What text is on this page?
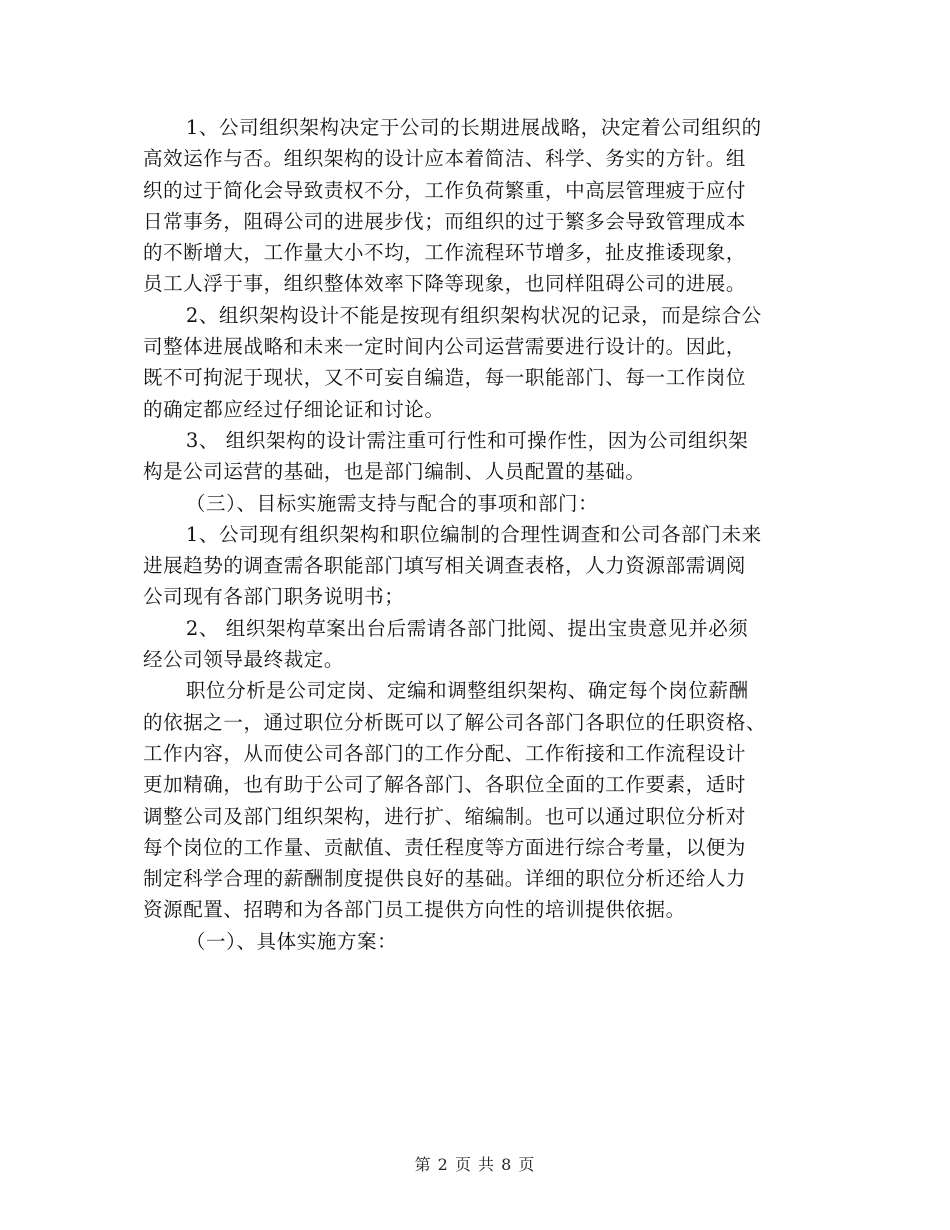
1、公司组织架构决定于公司的长期进展战略，决定着公司组织的
高效运作与否。组织架构的设计应本着简洁、科学、务实的方针。组
织的过于简化会导致责权不分，工作负荷繁重，中高层管理疲于应付
日常事务，阻碍公司的进展步伐；而组织的过于繁多会导致管理成本
的不断增大，工作量大小不均，工作流程环节增多，扯皮推诿现象，
员工人浮于事，组织整体效率下降等现象，也同样阻碍公司的进展。

2、组织架构设计不能是按现有组织架构状况的记录，而是综合公
司整体进展战略和未来一定时间内公司运营需要进行设计的。因此，
既不可拘泥于现状，又不可妄自编造，每一职能部门、每一工作岗位
的确定都应经过仔细论证和讨论。

3、 组织架构的设计需注重可行性和可操作性，因为公司组织架
构是公司运营的基础，也是部门编制、人员配置的基础。

（三）、目标实施需支持与配合的事项和部门：

1、公司现有组织架构和职位编制的合理性调查和公司各部门未来
进展趋势的调查需各职能部门填写相关调查表格，人力资源部需调阅
公司现有各部门职务说明书；

2、 组织架构草案出台后需请各部门批阅、提出宝贵意见并必须
经公司领导最终裁定。

职位分析是公司定岗、定编和调整组织架构、确定每个岗位薪酬
的依据之一，通过职位分析既可以了解公司各部门各职位的任职资格、
工作内容，从而使公司各部门的工作分配、工作衔接和工作流程设计
更加精确，也有助于公司了解各部门、各职位全面的工作要素，适时
调整公司及部门组织架构，进行扩、缩编制。也可以通过职位分析对
每个岗位的工作量、贡献值、责任程度等方面进行综合考量，以便为
制定科学合理的薪酬制度提供良好的基础。详细的职位分析还给人力
资源配置、招聘和为各部门员工提供方向性的培训提供依据。

（一）、具体实施方案：

第 2 页 共 8 页
